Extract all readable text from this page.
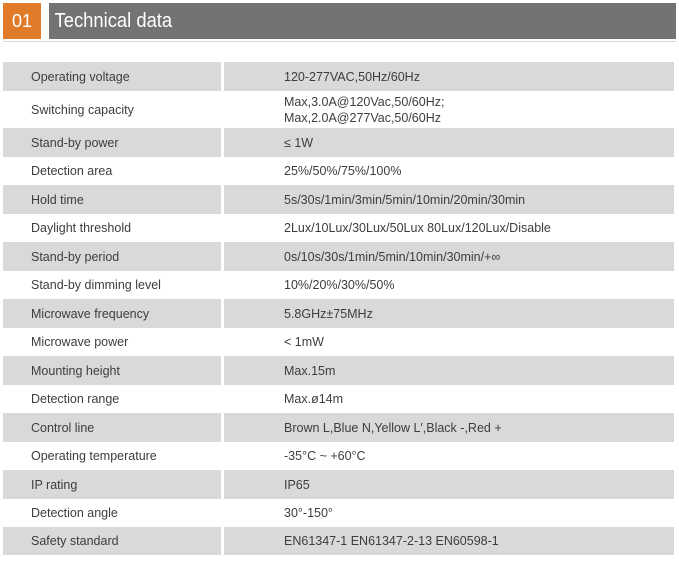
01	Technical data
Operating voltage	120-277VAC,50Hz/60Hz

Switching capacity	Max,3.0A@120Vac,50/60Hz;
Max,2.0A@277Vac,50/60Hz

Stand-by power	≤ 1W

Detection area	25%/50%/75%/100%

Hold time	5s/30s/1min/3min/5min/10min/20min/30min

Daylight threshold	2Lux/10Lux/30Lux/50Lux 80Lux/120Lux/Disable

Stand-by period	0s/10s/30s/1min/5min/10min/30min/+∞

Stand-by dimming level	10%/20%/30%/50%

Microwave frequency	5.8GHz±75MHz

Microwave power	< 1mW

Mounting height	Max.15m

Detection range	Max.ø14m

Control line	Brown L,Blue N,Yellow L′,Black -,Red +

Operating temperature	-35°C ~ +60°C

IP rating	IP65

Detection angle	30°-150°

Safety standard	EN61347-1 EN61347-2-13 EN60598-1
